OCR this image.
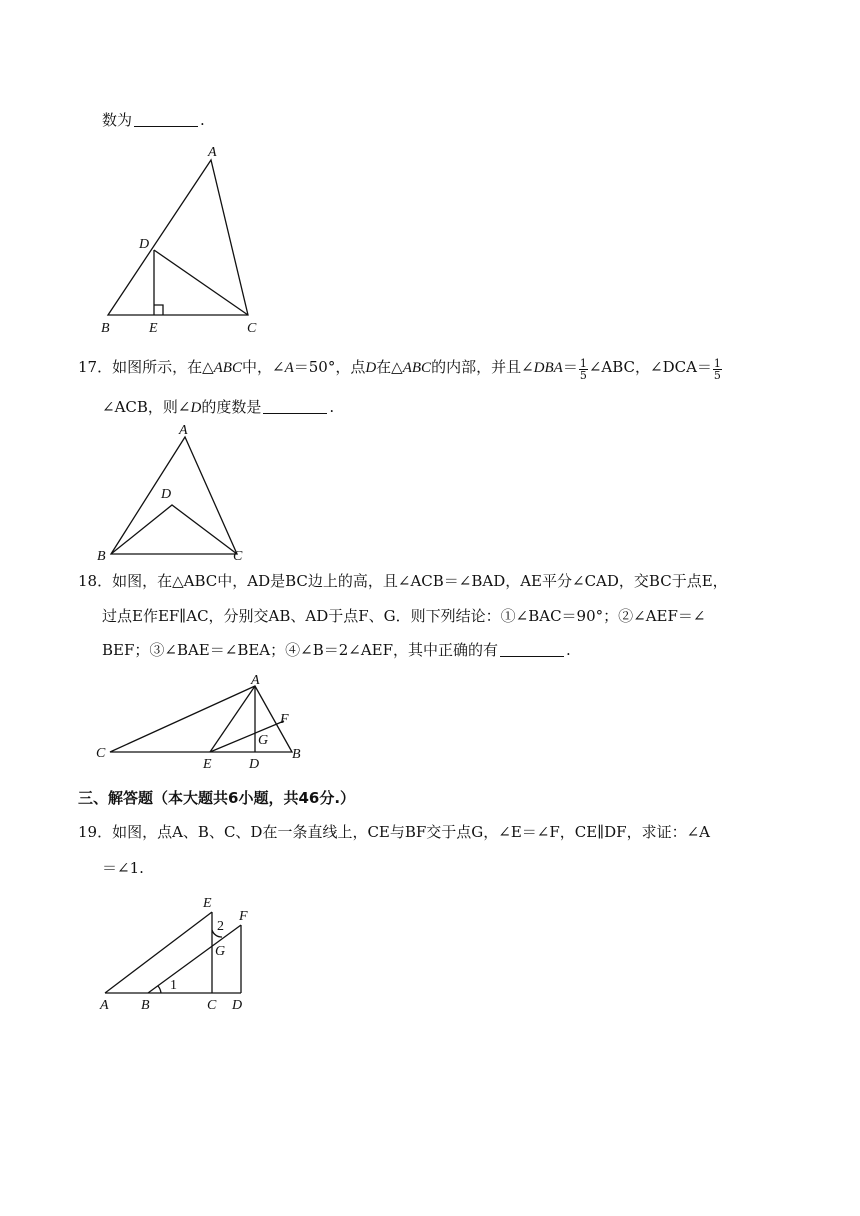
数为	.
A
D
B	E	C
17．如图所示，在△ABC中，∠A＝50°，点D在△ABC的内部，并且∠DBA＝ $\frac{1}{5}$ ∠ABC，∠DCA＝ $\frac{1}{5}$
∠ACB，则∠D的度数是	.
A
D
B	C
18．如图，在△ABC中，AD是BC边上的高，且∠ACB＝∠BAD，AE平分∠CAD，交BC于点E，
过点E作EF∥AC，分别交AB、AD于点F、G．则下列结论：①∠BAC＝90°；②∠AEF＝∠
BEF；③∠BAE＝∠BEA；④∠B＝2∠AEF，其中正确的有	.
A
F
G
C	B
E	D
三、解答题（本大题共6小题，共46分.）
19．如图，点A、B、C、D在一条直线上，CE与BF交于点G，∠E＝∠F，CE∥DF，求证：∠A
＝∠1.
E
F
2
G
1
A B	C D
